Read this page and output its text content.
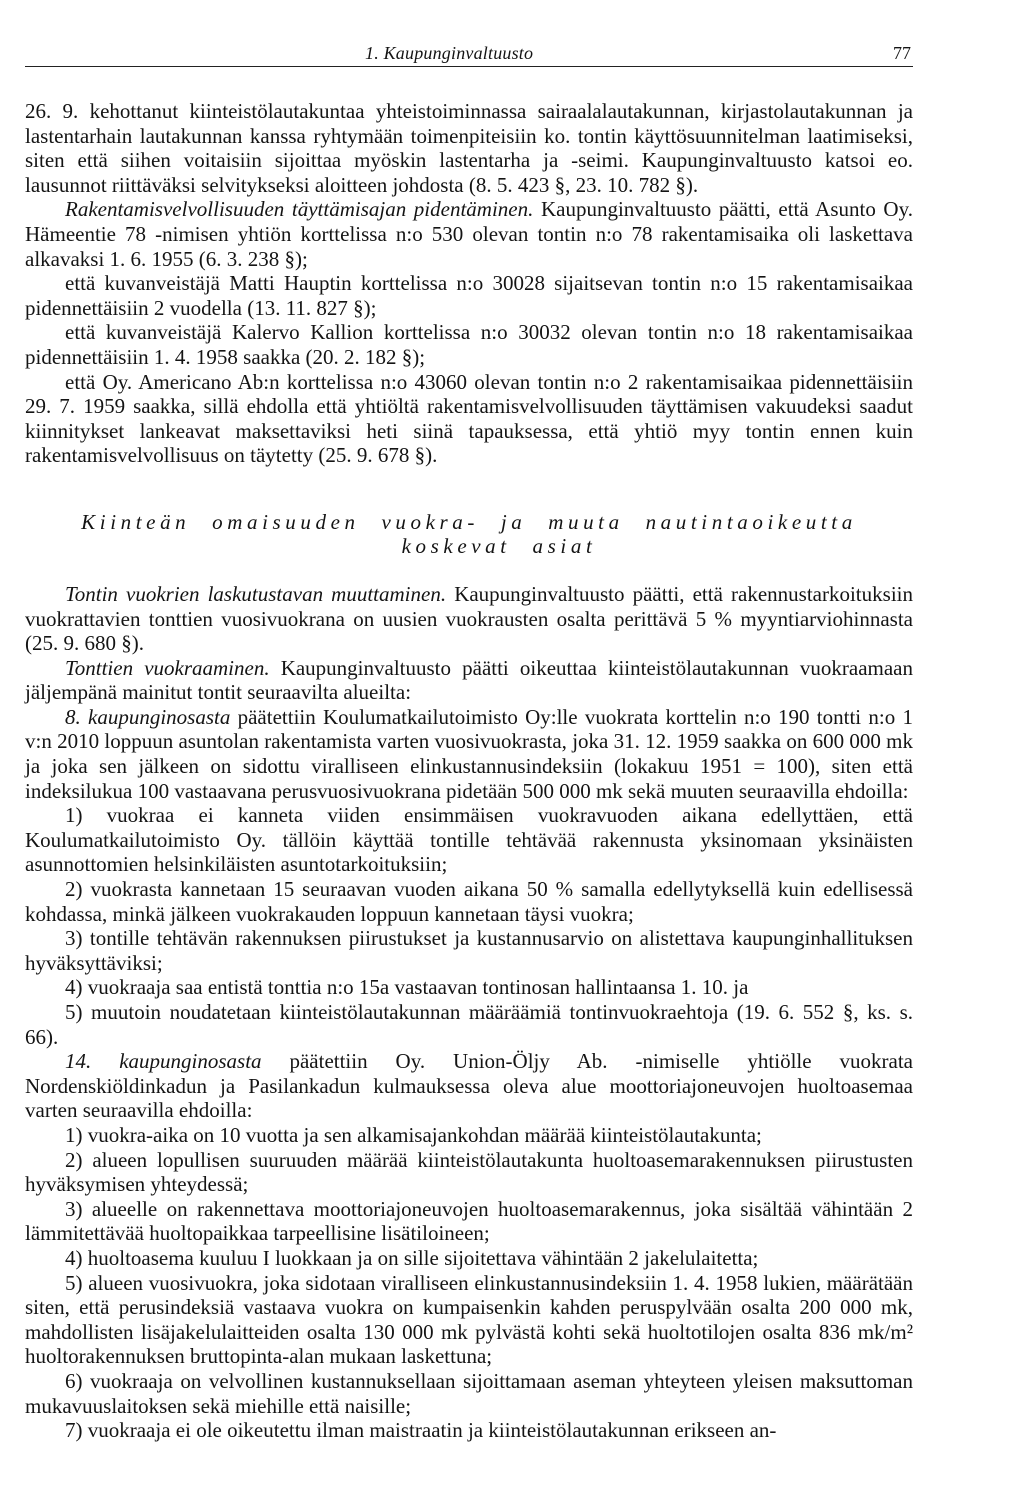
1. Kaupunginvaltuusto	77

26. 9. kehottanut kiinteistölautakuntaa yhteistoiminnassa sairaalalautakunnan, kirjastolautakunnan ja lastentarhain lautakunnan kanssa ryhtymään toimenpiteisiin ko. tontin käyttösuunnitelman laatimiseksi, siten että siihen voitaisiin sijoittaa myöskin lastentarha ja -seimi. Kaupunginvaltuusto katsoi eo. lausunnot riittäväksi selvitykseksi aloitteen johdosta (8. 5. 423 §, 23. 10. 782 §).

Rakentamisvelvollisuuden täyttämisajan pidentäminen. Kaupunginvaltuusto päätti, että Asunto Oy. Hämeentie 78 -nimisen yhtiön korttelissa n:o 530 olevan tontin n:o 78 rakentamisaika oli laskettava alkavaksi 1. 6. 1955 (6. 3. 238 §);

että kuvanveistäjä Matti Hauptin korttelissa n:o 30028 sijaitsevan tontin n:o 15 rakentamisaikaa pidennettäisiin 2 vuodella (13. 11. 827 §);

että kuvanveistäjä Kalervo Kallion korttelissa n:o 30032 olevan tontin n:o 18 rakentamisaikaa pidennettäisiin 1. 4. 1958 saakka (20. 2. 182 §);

että Oy. Americano Ab:n korttelissa n:o 43060 olevan tontin n:o 2 rakentamisaikaa pidennettäisiin 29. 7. 1959 saakka, sillä ehdolla että yhtiöltä rakentamisvelvollisuuden täyttämisen vakuudeksi saadut kiinnitykset lankeavat maksettaviksi heti siinä tapauksessa, että yhtiö myy tontin ennen kuin rakentamisvelvollisuus on täytetty (25. 9. 678 §).

Kiinteän omaisuuden vuokra- ja muuta nautintaoikeutta
koskevat asiat

Tontin vuokrien laskutustavan muuttaminen. Kaupunginvaltuusto päätti, että rakennustarkoituksiin vuokrattavien tonttien vuosivuokrana on uusien vuokrausten osalta perittävä 5 % myyntiarviohinnasta (25. 9. 680 §).

Tonttien vuokraaminen. Kaupunginvaltuusto päätti oikeuttaa kiinteistölautakunnan vuokraamaan jäljempänä mainitut tontit seuraavilta alueilta:

8. kaupunginosasta päätettiin Koulumatkailutoimisto Oy:lle vuokrata korttelin n:o 190 tontti n:o 1 v:n 2010 loppuun asuntolan rakentamista varten vuosivuokrasta, joka 31. 12. 1959 saakka on 600 000 mk ja joka sen jälkeen on sidottu viralliseen elinkustannusindeksiin (lokakuu 1951 = 100), siten että indeksilukua 100 vastaavana perusvuosivuokrana pidetään 500 000 mk sekä muuten seuraavilla ehdoilla:

1) vuokraa ei kanneta viiden ensimmäisen vuokravuoden aikana edellyttäen, että Koulumatkailutoimisto Oy. tällöin käyttää tontille tehtävää rakennusta yksinomaan yksinäisten asunnottomien helsinkiläisten asuntotarkoituksiin;

2) vuokrasta kannetaan 15 seuraavan vuoden aikana 50 % samalla edellytyksellä kuin edellisessä kohdassa, minkä jälkeen vuokrakauden loppuun kannetaan täysi vuokra;

3) tontille tehtävän rakennuksen piirustukset ja kustannusarvio on alistettava kaupunginhallituksen hyväksyttäviksi;

4) vuokraaja saa entistä tonttia n:o 15a vastaavan tontinosan hallintaansa 1. 10. ja

5) muutoin noudatetaan kiinteistölautakunnan määräämiä tontinvuokraehtoja (19. 6. 552 §, ks. s. 66).

14. kaupunginosasta päätettiin Oy. Union-Öljy Ab. -nimiselle yhtiölle vuokrata Nordenskiöldinkadun ja Pasilankadun kulmauksessa oleva alue moottoriajoneuvojen huoltoasemaa varten seuraavilla ehdoilla:

1) vuokra-aika on 10 vuotta ja sen alkamisajankohdan määrää kiinteistölautakunta;

2) alueen lopullisen suuruuden määrää kiinteistölautakunta huoltoasemarakennuksen piirustusten hyväksymisen yhteydessä;

3) alueelle on rakennettava moottoriajoneuvojen huoltoasemarakennus, joka sisältää vähintään 2 lämmitettävää huoltopaikkaa tarpeellisine lisätiloineen;

4) huoltoasema kuuluu I luokkaan ja on sille sijoitettava vähintään 2 jakelulaitetta;

5) alueen vuosivuokra, joka sidotaan viralliseen elinkustannusindeksiin 1. 4. 1958 lukien, määrätään siten, että perusindeksiä vastaava vuokra on kumpaisenkin kahden peruspylvään osalta 200 000 mk, mahdollisten lisäjakelulaitteiden osalta 130 000 mk pylvästä kohti sekä huoltotilojen osalta 836 mk/m² huoltorakennuksen bruttopinta-alan mukaan laskettuna;

6) vuokraaja on velvollinen kustannuksellaan sijoittamaan aseman yhteyteen yleisen maksuttoman mukavuuslaitoksen sekä miehille että naisille;

7) vuokraaja ei ole oikeutettu ilman maistraatin ja kiinteistölautakunnan erikseen an-
